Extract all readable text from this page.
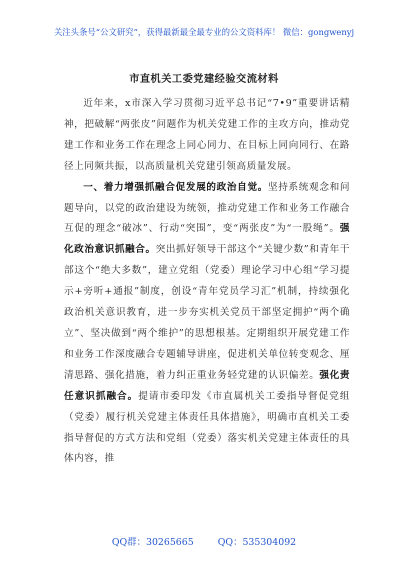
关注头条号“公文研究”，获得最新最全最专业的公文资料库！ 微信：gongwenyj
市直机关工委党建经验交流材料

近年来，x市深入学习贯彻习近平总书记“7•9”重要讲话精神，把破解“两张皮”问题作为机关党建工作的主攻方向，推动党建工作和业务工作在理念上同心同力、在目标上同向同行、在路径上同频共振，以高质量机关党建引领高质量发展。

一、着力增强抓融合促发展的政治自觉。坚持系统观念和问题导向，以党的政治建设为统领，推动党建工作和业务工作融合互促的理念“破冰”、行动“突围”，变“两张皮”为“一股绳”。强化政治意识抓融合。突出抓好领导干部这个“关键少数”和青年干部这个“绝大多数”，建立党组（党委）理论学习中心组“学习提示+旁听+通报”制度，创设“青年党员学习汇”机制，持续强化政治机关意识教育，进一步夯实机关党员干部坚定拥护“两个确立”、坚决做到“两个维护”的思想根基。定期组织开展党建工作和业务工作深度融合专题辅导讲座，促进机关单位转变观念、厘清思路、强化措施，着力纠正重业务轻党建的认识偏差。强化责任意识抓融合。提请市委印发《市直属机关工委指导督促党组（党委）履行机关党建主体责任具体措施》，明确市直机关工委指导督促的方式方法和党组（党委）落实机关党建主体责任的具体内容，推

QQ群：30265665	QQ：535304092
